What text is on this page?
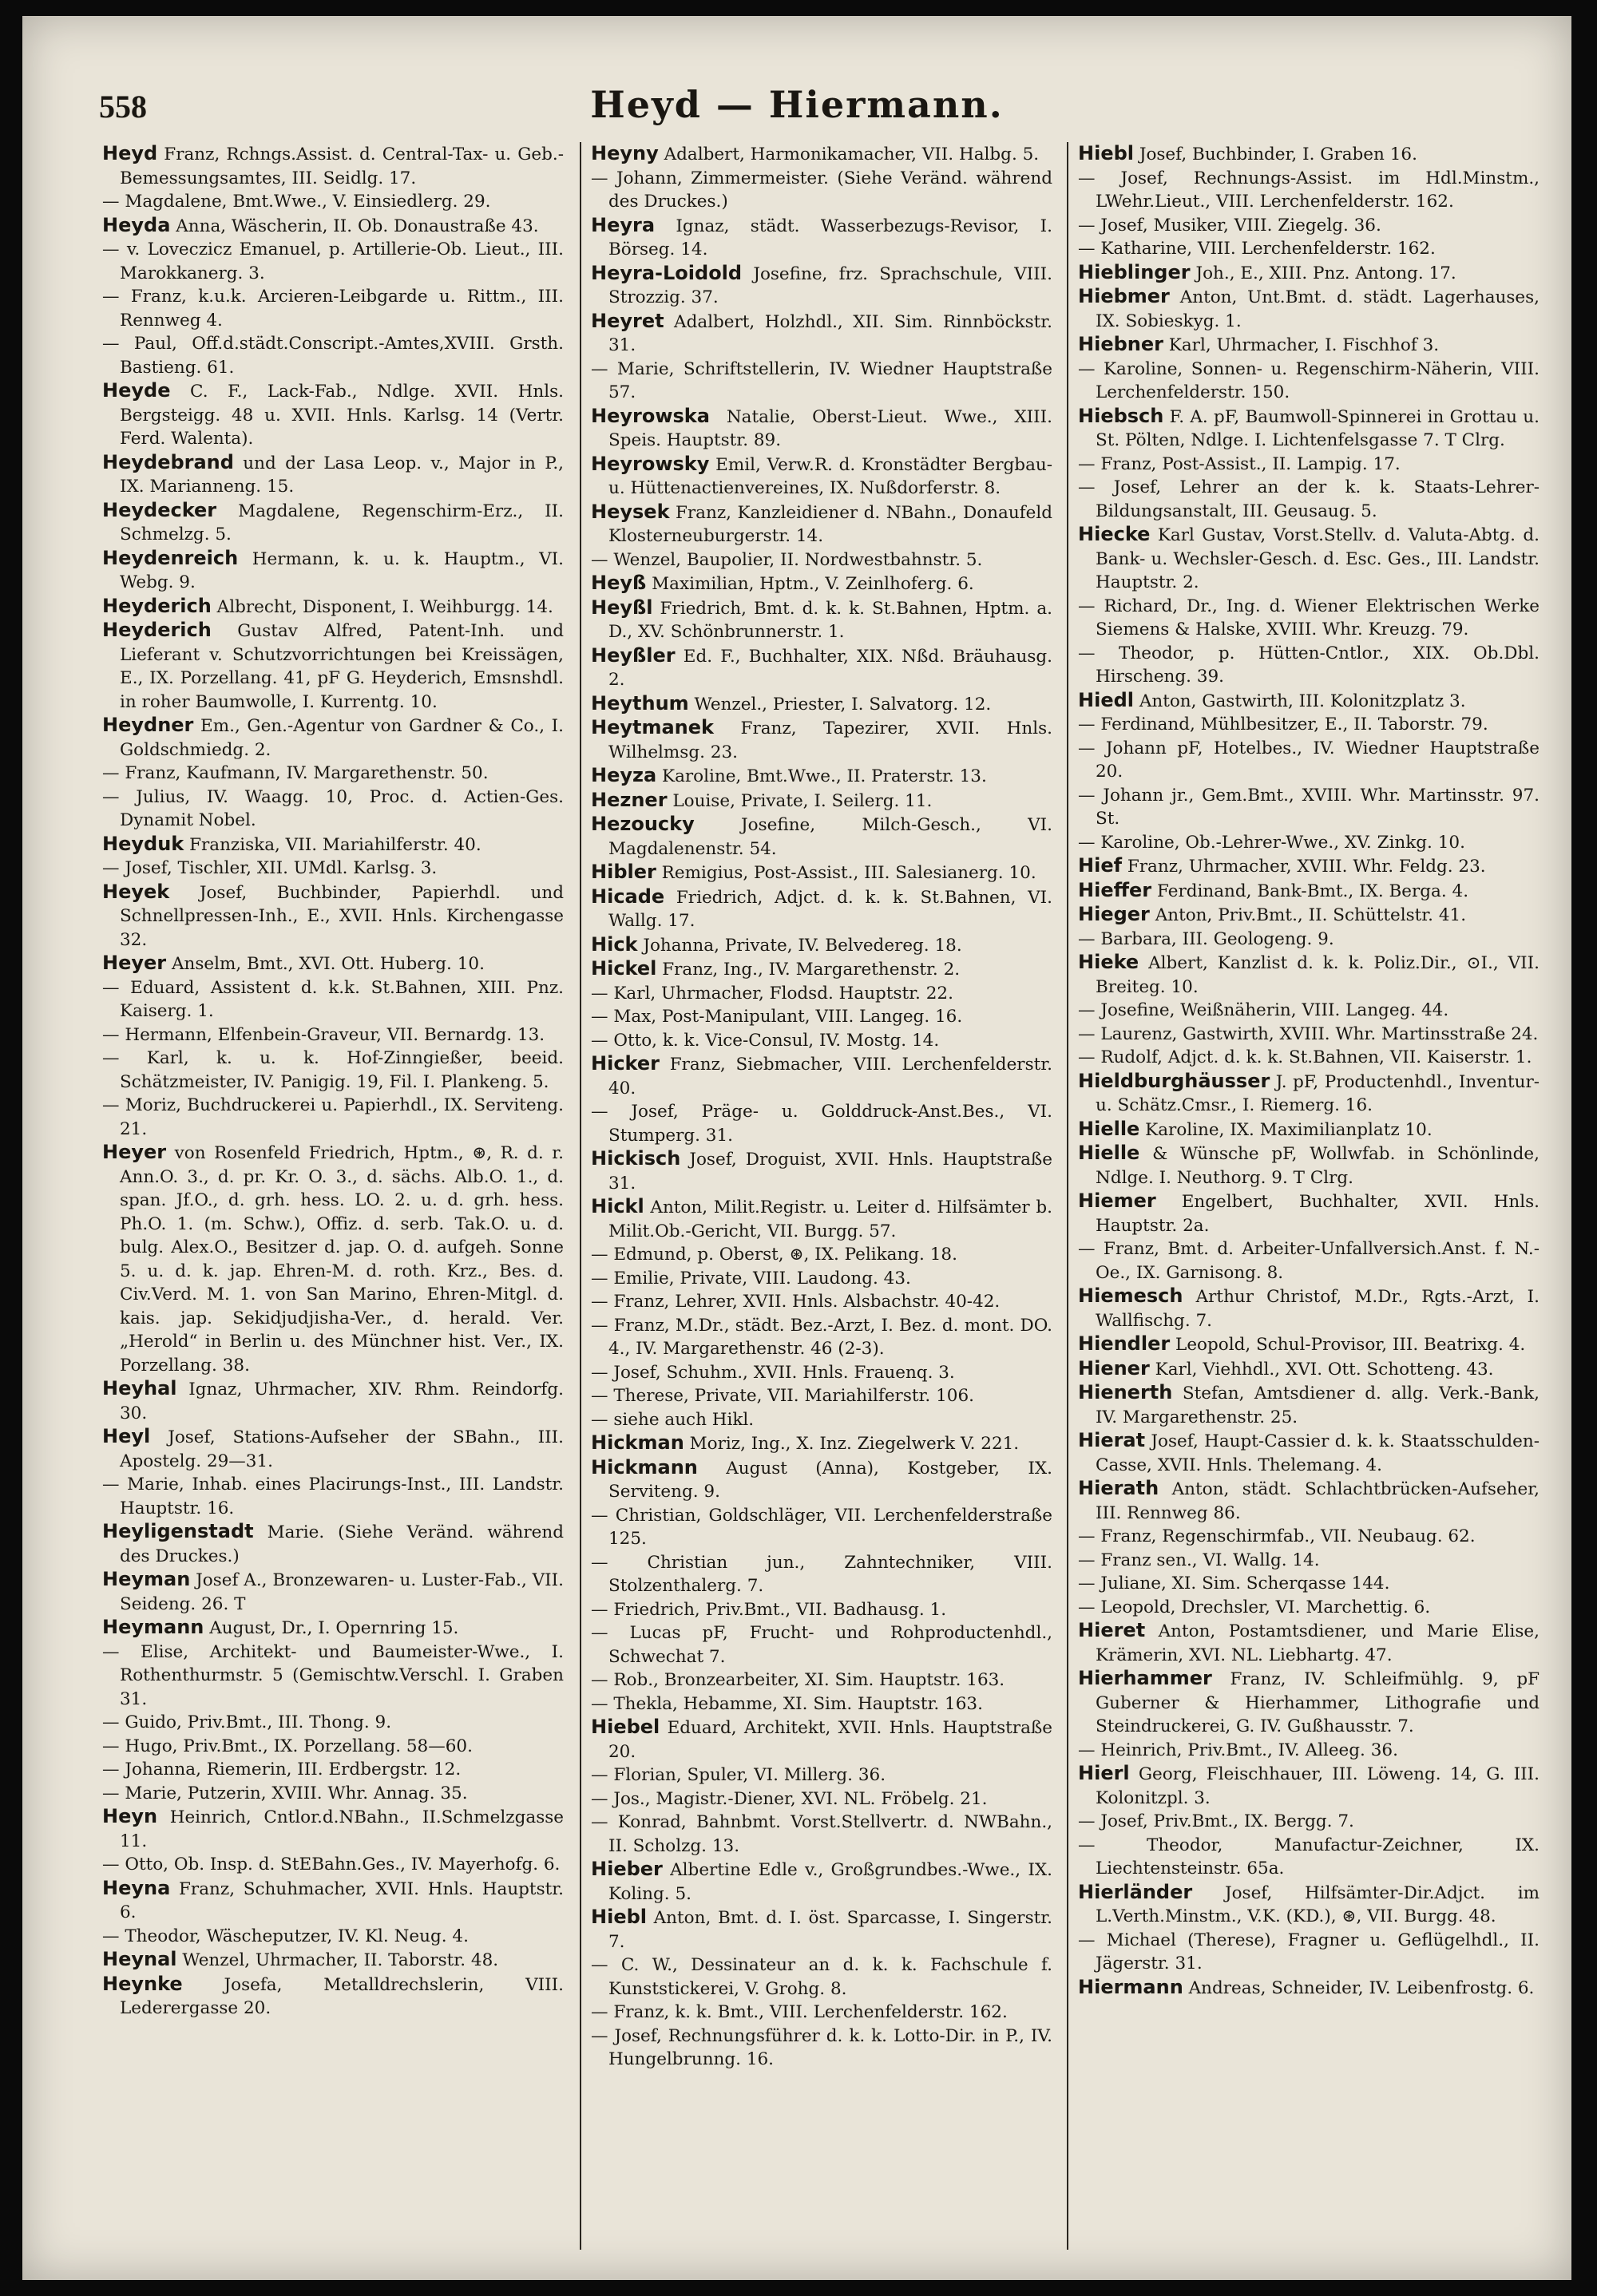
558	Heyd — Hiermann.

Heyd Franz, Rchngs.Assist. d. Central-Tax- u. Geb.-Bemessungsamtes, III. Seidlg. 17.

— Magdalene, Bmt.Wwe., V. Einsiedlerg. 29.

Heyda Anna, Wäscherin, II. Ob. Donaustraße 43.

— v. Loveczicz Emanuel, p. Artillerie-Ob. Lieut., III. Marokkanerg. 3.

— Franz, k.u.k. Arcieren-Leibgarde u. Rittm., III. Rennweg 4.

— Paul, Off.d.städt.Conscript.-Amtes,XVIII. Grsth. Bastieng. 61.

Heyde C. F., Lack-Fab., Ndlge. XVII. Hnls. Bergsteigg. 48 u. XVII. Hnls. Karlsg. 14 (Vertr. Ferd. Walenta).

Heydebrand und der Lasa Leop. v., Major in P., IX. Marianneng. 15.

Heydecker Magdalene, Regenschirm-Erz., II. Schmelzg. 5.

Heydenreich Hermann, k. u. k. Hauptm., VI. Webg. 9.

Heyderich Albrecht, Disponent, I. Weihburgg. 14.

Heyderich Gustav Alfred, Patent-Inh. und Lieferant v. Schutzvorrichtungen bei Kreissägen, E., IX. Porzellang. 41, pF G. Heyderich, Emsnshdl. in roher Baumwolle, I. Kurrentg. 10.

Heydner Em., Gen.-Agentur von Gardner & Co., I. Goldschmiedg. 2.

— Franz, Kaufmann, IV. Margarethenstr. 50.

— Julius, IV. Waagg. 10, Proc. d. Actien-Ges. Dynamit Nobel.

Heyduk Franziska, VII. Mariahilferstr. 40.

— Josef, Tischler, XII. UMdl. Karlsg. 3.

Heyek Josef, Buchbinder, Papierhdl. und Schnellpressen-Inh., E., XVII. Hnls. Kirchengasse 32.

Heyer Anselm, Bmt., XVI. Ott. Huberg. 10.

— Eduard, Assistent d. k.k. St.Bahnen, XIII. Pnz. Kaiserg. 1.

— Hermann, Elfenbein-Graveur, VII. Bernardg. 13.

— Karl, k. u. k. Hof-Zinngießer, beeid. Schätzmeister, IV. Panigig. 19, Fil. I. Plankeng. 5.

— Moriz, Buchdruckerei u. Papierhdl., IX. Serviteng. 21.

Heyer von Rosenfeld Friedrich, Hptm., ⊛, R. d. r. Ann.O. 3., d. pr. Kr. O. 3., d. sächs. Alb.O. 1., d. span. Jf.O., d. grh. hess. LO. 2. u. d. grh. hess. Ph.O. 1. (m. Schw.), Offiz. d. serb. Tak.O. u. d. bulg. Alex.O., Besitzer d. jap. O. d. aufgeh. Sonne 5. u. d. k. jap. Ehren-M. d. roth. Krz., Bes. d. Civ.Verd. M. 1. von San Marino, Ehren-Mitgl. d. kais. jap. Sekidjudjisha-Ver., d. herald. Ver. „Herold“ in Berlin u. des Münchner hist. Ver., IX. Porzellang. 38.

Heyhal Ignaz, Uhrmacher, XIV. Rhm. Reindorfg. 30.

Heyl Josef, Stations-Aufseher der SBahn., III. Apostelg. 29—31.

— Marie, Inhab. eines Placirungs-Inst., III. Landstr. Hauptstr. 16.

Heyligenstadt Marie. (Siehe Veränd. während des Druckes.)

Heyman Josef A., Bronzewaren- u. Luster-Fab., VII. Seideng. 26. T

Heymann August, Dr., I. Opernring 15.

— Elise, Architekt- und Baumeister-Wwe., I. Rothenthurmstr. 5 (Gemischtw.Verschl. I. Graben 31.

— Guido, Priv.Bmt., III. Thong. 9.

— Hugo, Priv.Bmt., IX. Porzellang. 58—60.

— Johanna, Riemerin, III. Erdbergstr. 12.

— Marie, Putzerin, XVIII. Whr. Annag. 35.

Heyn Heinrich, Cntlor.d.NBahn., II.Schmelzgasse 11.

— Otto, Ob. Insp. d. StEBahn.Ges., IV. Mayerhofg. 6.

Heyna Franz, Schuhmacher, XVII. Hnls. Hauptstr. 6.

— Theodor, Wäscheputzer, IV. Kl. Neug. 4.

Heynal Wenzel, Uhrmacher, II. Taborstr. 48.

Heynke Josefa, Metalldrechslerin, VIII. Lederergasse 20.

Heyny Adalbert, Harmonikamacher, VII. Halbg. 5.

— Johann, Zimmermeister. (Siehe Veränd. während des Druckes.)

Heyra Ignaz, städt. Wasserbezugs-Revisor, I. Börseg. 14.

Heyra-Loidold Josefine, frz. Sprachschule, VIII. Strozzig. 37.

Heyret Adalbert, Holzhdl., XII. Sim. Rinnböckstr. 31.

— Marie, Schriftstellerin, IV. Wiedner Hauptstraße 57.

Heyrowska Natalie, Oberst-Lieut. Wwe., XIII. Speis. Hauptstr. 89.

Heyrowsky Emil, Verw.R. d. Kronstädter Bergbau- u. Hüttenactienvereines, IX. Nußdorferstr. 8.

Heysek Franz, Kanzleidiener d. NBahn., Donaufeld Klosterneuburgerstr. 14.

— Wenzel, Baupolier, II. Nordwestbahnstr. 5.

Heyß Maximilian, Hptm., V. Zeinlhoferg. 6.

Heyßl Friedrich, Bmt. d. k. k. St.Bahnen, Hptm. a. D., XV. Schönbrunnerstr. 1.

Heyßler Ed. F., Buchhalter, XIX. Nßd. Bräuhausg. 2.

Heythum Wenzel., Priester, I. Salvatorg. 12.

Heytmanek Franz, Tapezirer, XVII. Hnls. Wilhelmsg. 23.

Heyza Karoline, Bmt.Wwe., II. Praterstr. 13.

Hezner Louise, Private, I. Seilerg. 11.

Hezoucky Josefine, Milch-Gesch., VI. Magdalenenstr. 54.

Hibler Remigius, Post-Assist., III. Salesianerg. 10.

Hicade Friedrich, Adjct. d. k. k. St.Bahnen, VI. Wallg. 17.

Hick Johanna, Private, IV. Belvedereg. 18.

Hickel Franz, Ing., IV. Margarethenstr. 2.

— Karl, Uhrmacher, Flodsd. Hauptstr. 22.

— Max, Post-Manipulant, VIII. Langeg. 16.

— Otto, k. k. Vice-Consul, IV. Mostg. 14.

Hicker Franz, Siebmacher, VIII. Lerchenfelderstr. 40.

— Josef, Präge- u. Golddruck-Anst.Bes., VI. Stumperg. 31.

Hickisch Josef, Droguist, XVII. Hnls. Hauptstraße 31.

Hickl Anton, Milit.Registr. u. Leiter d. Hilfsämter b. Milit.Ob.-Gericht, VII. Burgg. 57.

— Edmund, p. Oberst, ⊛, IX. Pelikang. 18.

— Emilie, Private, VIII. Laudong. 43.

— Franz, Lehrer, XVII. Hnls. Alsbachstr. 40-42.

— Franz, M.Dr., städt. Bez.-Arzt, I. Bez. d. mont. DO. 4., IV. Margarethenstr. 46 (2-3).

— Josef, Schuhm., XVII. Hnls. Frauenq. 3.

— Therese, Private, VII. Mariahilferstr. 106.

— siehe auch Hikl.

Hickman Moriz, Ing., X. Inz. Ziegelwerk V. 221.

Hickmann August (Anna), Kostgeber, IX. Serviteng. 9.

— Christian, Goldschläger, VII. Lerchenfelderstraße 125.

— Christian jun., Zahntechniker, VIII. Stolzenthalerg. 7.

— Friedrich, Priv.Bmt., VII. Badhausg. 1.

— Lucas pF, Frucht- und Rohproductenhdl., Schwechat 7.

— Rob., Bronzearbeiter, XI. Sim. Hauptstr. 163.

— Thekla, Hebamme, XI. Sim. Hauptstr. 163.

Hiebel Eduard, Architekt, XVII. Hnls. Hauptstraße 20.

— Florian, Spuler, VI. Millerg. 36.

— Jos., Magistr.-Diener, XVI. NL. Fröbelg. 21.

— Konrad, Bahnbmt. Vorst.Stellvertr. d. NWBahn., II. Scholzg. 13.

Hieber Albertine Edle v., Großgrundbes.-Wwe., IX. Koling. 5.

Hiebl Anton, Bmt. d. I. öst. Sparcasse, I. Singerstr. 7.

— C. W., Dessinateur an d. k. k. Fachschule f. Kunststickerei, V. Grohg. 8.

— Franz, k. k. Bmt., VIII. Lerchenfelderstr. 162.

— Josef, Rechnungsführer d. k. k. Lotto-Dir. in P., IV. Hungelbrunng. 16.

Hiebl Josef, Buchbinder, I. Graben 16.

— Josef, Rechnungs-Assist. im Hdl.Minstm., LWehr.Lieut., VIII. Lerchenfelderstr. 162.

— Josef, Musiker, VIII. Ziegelg. 36.

— Katharine, VIII. Lerchenfelderstr. 162.

Hieblinger Joh., E., XIII. Pnz. Antong. 17.

Hiebmer Anton, Unt.Bmt. d. städt. Lagerhauses, IX. Sobieskyg. 1.

Hiebner Karl, Uhrmacher, I. Fischhof 3.

— Karoline, Sonnen- u. Regenschirm-Näherin, VIII. Lerchenfelderstr. 150.

Hiebsch F. A. pF, Baumwoll-Spinnerei in Grottau u. St. Pölten, Ndlge. I. Lichtenfelsgasse 7. T Clrg.

— Franz, Post-Assist., II. Lampig. 17.

— Josef, Lehrer an der k. k. Staats-Lehrer-Bildungsanstalt, III. Geusaug. 5.

Hiecke Karl Gustav, Vorst.Stellv. d. Valuta-Abtg. d. Bank- u. Wechsler-Gesch. d. Esc. Ges., III. Landstr. Hauptstr. 2.

— Richard, Dr., Ing. d. Wiener Elektrischen Werke Siemens & Halske, XVIII. Whr. Kreuzg. 79.

— Theodor, p. Hütten-Cntlor., XIX. Ob.Dbl. Hirscheng. 39.

Hiedl Anton, Gastwirth, III. Kolonitzplatz 3.

— Ferdinand, Mühlbesitzer, E., II. Taborstr. 79.

— Johann pF, Hotelbes., IV. Wiedner Hauptstraße 20.

— Johann jr., Gem.Bmt., XVIII. Whr. Martinsstr. 97. St.

— Karoline, Ob.-Lehrer-Wwe., XV. Zinkg. 10.

Hief Franz, Uhrmacher, XVIII. Whr. Feldg. 23.

Hieffer Ferdinand, Bank-Bmt., IX. Berga. 4.

Hieger Anton, Priv.Bmt., II. Schüttelstr. 41.

— Barbara, III. Geologeng. 9.

Hieke Albert, Kanzlist d. k. k. Poliz.Dir., ⊙I., VII. Breiteg. 10.

— Josefine, Weißnäherin, VIII. Langeg. 44.

— Laurenz, Gastwirth, XVIII. Whr. Martinsstraße 24.

— Rudolf, Adjct. d. k. k. St.Bahnen, VII. Kaiserstr. 1.

Hieldburghäusser J. pF, Productenhdl., Inventur- u. Schätz.Cmsr., I. Riemerg. 16.

Hielle Karoline, IX. Maximilianplatz 10.

Hielle & Wünsche pF, Wollwfab. in Schönlinde, Ndlge. I. Neuthorg. 9. T Clrg.

Hiemer Engelbert, Buchhalter, XVII. Hnls. Hauptstr. 2a.

— Franz, Bmt. d. Arbeiter-Unfallversich.Anst. f. N.-Oe., IX. Garnisong. 8.

Hiemesch Arthur Christof, M.Dr., Rgts.-Arzt, I. Wallfischg. 7.

Hiendler Leopold, Schul-Provisor, III. Beatrixg. 4.

Hiener Karl, Viehhdl., XVI. Ott. Schotteng. 43.

Hienerth Stefan, Amtsdiener d. allg. Verk.-Bank, IV. Margarethenstr. 25.

Hierat Josef, Haupt-Cassier d. k. k. Staatsschulden-Casse, XVII. Hnls. Thelemang. 4.

Hierath Anton, städt. Schlachtbrücken-Aufseher, III. Rennweg 86.

— Franz, Regenschirmfab., VII. Neubaug. 62.

— Franz sen., VI. Wallg. 14.

— Juliane, XI. Sim. Scherqasse 144.

— Leopold, Drechsler, VI. Marchettig. 6.

Hieret Anton, Postamtsdiener, und Marie Elise, Krämerin, XVI. NL. Liebhartg. 47.

Hierhammer Franz, IV. Schleifmühlg. 9, pF Guberner & Hierhammer, Lithografie und Steindruckerei, G. IV. Gußhausstr. 7.

— Heinrich, Priv.Bmt., IV. Alleeg. 36.

Hierl Georg, Fleischhauer, III. Löweng. 14, G. III. Kolonitzpl. 3.

— Josef, Priv.Bmt., IX. Bergg. 7.

— Theodor, Manufactur-Zeichner, IX. Liechtensteinstr. 65a.

Hierländer Josef, Hilfsämter-Dir.Adjct. im L.Verth.Minstm., V.K. (KD.), ⊛, VII. Burgg. 48.

— Michael (Therese), Fragner u. Geflügelhdl., II. Jägerstr. 31.

Hiermann Andreas, Schneider, IV. Leibenfrostg. 6.
